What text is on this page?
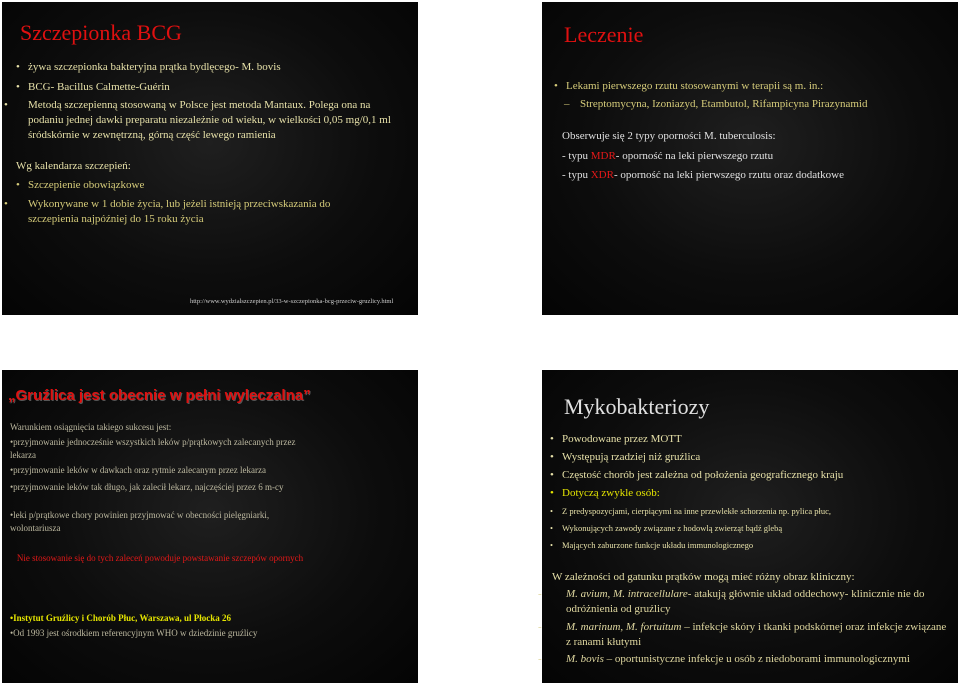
Szczepionka BCG

• żywa szczepionka bakteryjna prątka bydlęcego- M. bovis

• BCG- Bacillus Calmette-Guérin

• Metodą szczepienną stosowaną w Polsce jest metoda Mantaux. Polega ona na podaniu jednej dawki preparatu niezależnie od wieku, w wielkości 0,05 mg/0,1 ml śródskórnie w zewnętrzną, górną część lewego ramienia

Wg kalendarza szczepień:

• Szczepienie obowiązkowe

• Wykonywane w 1 dobie życia, lub jeżeli istnieją przeciwskazania do szczepienia najpóźniej do 15 roku życia

http://www.wydzialszczepien.pl/33-w-szczepionka-bcg-przeciw-gruzlicy.html
Leczenie

• Lekami pierwszego rzutu stosowanymi w terapii są m. in.:

– Streptomycyna, Izoniazyd, Etambutol, Rifampicyna Pirazynamid

Obserwuje się 2 typy oporności M. tuberculosis:

- typu MDR- oporność na leki pierwszego rzutu

- typu XDR- oporność na leki pierwszego rzutu oraz dodatkowe

„Gruźlica jest obecnie w pełni wyleczalna”

Warunkiem osiągnięcia takiego sukcesu jest:

•przyjmowanie jednocześnie wszystkich leków p/prątkowych zalecanych przez lekarza

•przyjmowanie leków w dawkach oraz rytmie zalecanym przez lekarza

•przyjmowanie leków tak długo, jak zalecił lekarz, najczęściej przez 6 m-cy

•leki p/prątkowe chory powinien przyjmować w obecności pielęgniarki, wolontariusza

Nie stosowanie się do tych zaleceń powoduje powstawanie szczepów opornych

•Instytut Gruźlicy i Chorób Płuc, Warszawa, ul Płocka 26

•Od 1993 jest ośrodkiem referencyjnym WHO w dziedzinie gruźlicy

Mykobakteriozy

• Powodowane przez MOTT

• Występują rzadziej niż gruźlica

• Częstość chorób jest zależna od położenia geograficznego kraju

• Dotyczą zwykle osób:

• Z predyspozycjami, cierpiącymi na inne przewlekłe schorzenia np. pylica płuc,

• Wykonujących zawody związane z hodowlą zwierząt bądź glebą

• Mających zaburzone funkcje układu immunologicznego

W zależności od gatunku prątków mogą mieć różny obraz kliniczny:

- M. avium, M. intracellulare- atakują głównie układ oddechowy- klinicznie nie do odróżnienia od gruźlicy

- M. marinum, M. fortuitum – infekcje skóry i tkanki podskórnej oraz infekcje związane z ranami kłutymi

- M. bovis – oportunistyczne infekcje u osób z niedoborami immunologicznymi
